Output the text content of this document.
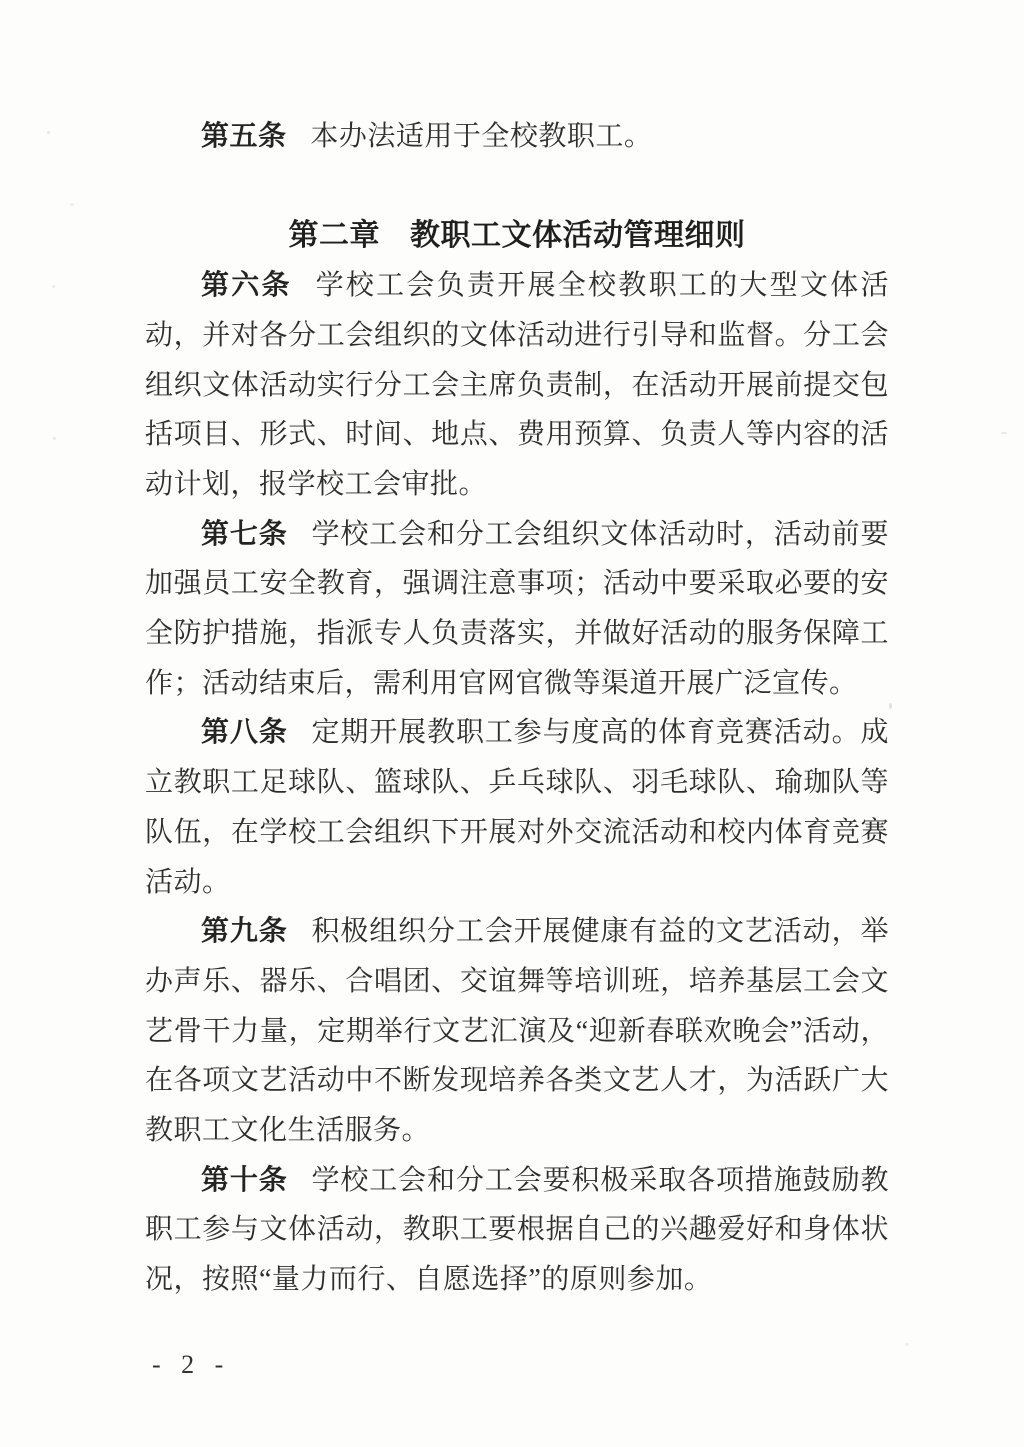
第五条 本办法适用于全校教职工。

第二章 教职工文体活动管理细则

第六条 学校工会负责开展全校教职工的大型文体活动，并对各分工会组织的文体活动进行引导和监督。分工会组织文体活动实行分工会主席负责制，在活动开展前提交包括项目、形式、时间、地点、费用预算、负责人等内容的活动计划，报学校工会审批。

第七条 学校工会和分工会组织文体活动时，活动前要加强员工安全教育，强调注意事项；活动中要采取必要的安全防护措施，指派专人负责落实，并做好活动的服务保障工作；活动结束后，需利用官网官微等渠道开展广泛宣传。

第八条 定期开展教职工参与度高的体育竞赛活动。成立教职工足球队、篮球队、乒乓球队、羽毛球队、瑜珈队等队伍，在学校工会组织下开展对外交流活动和校内体育竞赛活动。

第九条 积极组织分工会开展健康有益的文艺活动，举办声乐、器乐、合唱团、交谊舞等培训班，培养基层工会文艺骨干力量，定期举行文艺汇演及“迎新春联欢晚会”活动，在各项文艺活动中不断发现培养各类文艺人才，为活跃广大教职工文化生活服务。

第十条 学校工会和分工会要积极采取各项措施鼓励教职工参与文体活动，教职工要根据自己的兴趣爱好和身体状况，按照“量力而行、自愿选择”的原则参加。

- 2 -
